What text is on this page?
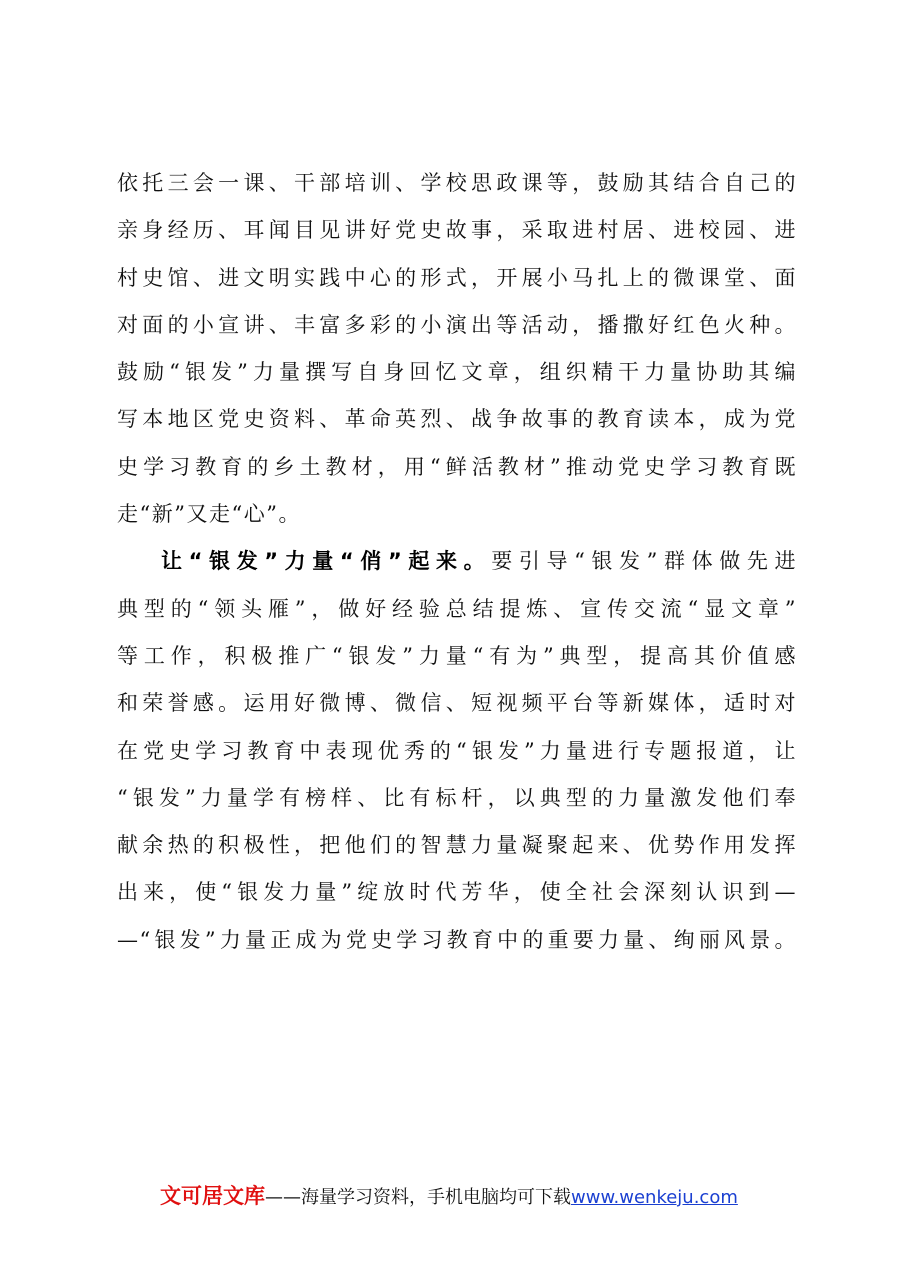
依托三会一课、干部培训、学校思政课等，鼓励其结合自己的
亲身经历、耳闻目见讲好党史故事，采取进村居、进校园、进
村史馆、进文明实践中心的形式，开展小马扎上的微课堂、面
对面的小宣讲、丰富多彩的小演出等活动，播撒好红色火种。
鼓励“银发”力量撰写自身回忆文章，组织精干力量协助其编
写本地区党史资料、革命英烈、战争故事的教育读本，成为党
史学习教育的乡土教材，用“鲜活教材”推动党史学习教育既
走“新”又走“心”。
让“银发”力量“俏”起来。要引导“银发”群体做先进
典型的“领头雁”，做好经验总结提炼、宣传交流“显文章”
等工作，积极推广“银发”力量“有为”典型，提高其价值感
和荣誉感。运用好微博、微信、短视频平台等新媒体，适时对
在党史学习教育中表现优秀的“银发”力量进行专题报道，让
“银发”力量学有榜样、比有标杆，以典型的力量激发他们奉
献余热的积极性，把他们的智慧力量凝聚起来、优势作用发挥
出来，使“银发力量”绽放时代芳华，使全社会深刻认识到—
—“银发”力量正成为党史学习教育中的重要力量、绚丽风景。
文可居文库——海量学习资料，手机电脑均可下载www.wenkeju.com
